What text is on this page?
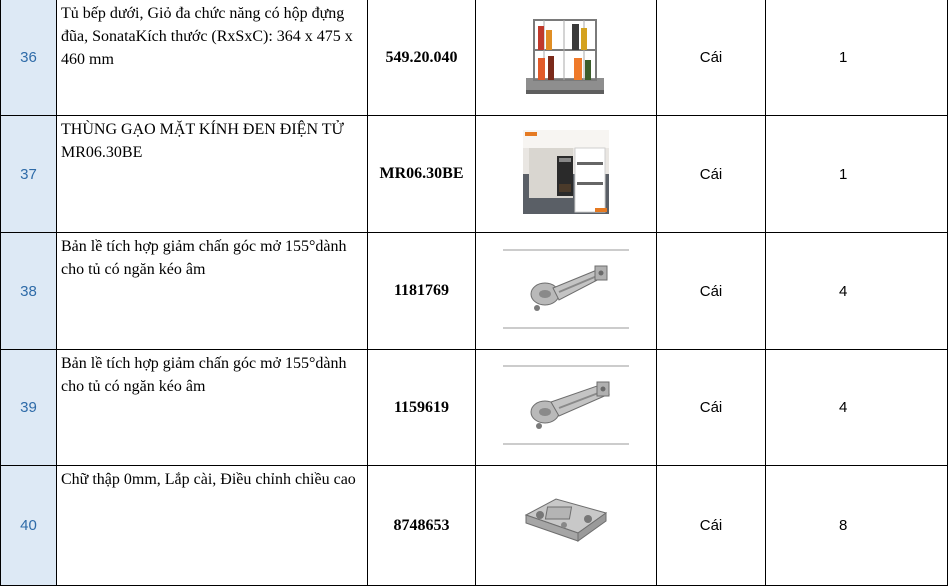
36	Tủ bếp dưới, Giỏ đa chức năng có hộp đựng đũa, SonataKích thước (RxSxC): 364 x 475 x 460 mm	549.20.040		Cái	1
37	THÙNG GẠO MẶT KÍNH ĐEN ĐIỆN TỬ MR06.30BE	MR06.30BE		Cái	1
38	Bản lề tích hợp giảm chấn góc mở 155°dành cho tủ có ngăn kéo âm	1181769		Cái	4
39	Bản lề tích hợp giảm chấn góc mở 155°dành cho tủ có ngăn kéo âm	1159619		Cái	4
40	Chữ thập 0mm, Lắp cài, Điều chỉnh chiều cao	8748653		Cái	8
